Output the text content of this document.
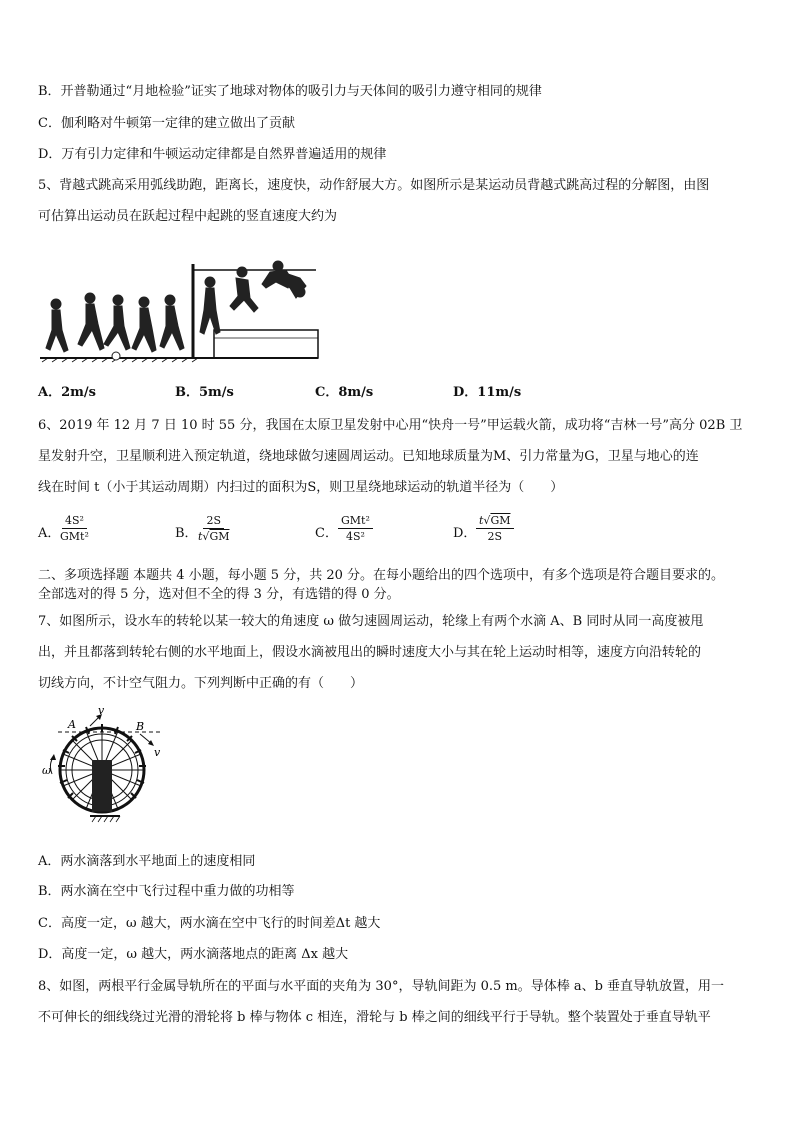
B．开普勒通过“月地检验”证实了地球对物体的吸引力与天体间的吸引力遵守相同的规律
C．伽利略对牛顿第一定律的建立做出了贡献
D．万有引力定律和牛顿运动定律都是自然界普遍适用的规律
5、背越式跳高采用弧线助跑，距离长，速度快，动作舒展大方。如图所示是某运动员背越式跳高过程的分解图，由图
可估算出运动员在跃起过程中起跳的竖直速度大约为
A．2m/s	B．5m/s	C．8m/s	D．11m/s
6、2019 年 12 月 7 日 10 时 55 分，我国在太原卫星发射中心用“快舟一号”甲运载火箭，成功将“吉林一号”高分 02B 卫
星发射升空，卫星顺利进入预定轨道，绕地球做匀速圆周运动。已知地球质量为M、引力常量为G，卫星与地心的连
线在时间 t（小于其运动周期）内扫过的面积为S，则卫星绕地球运动的轨道半径为（　　）
A．
4S²
GMt²	B． $\frac{2S}{t√GM}$	C．
GMt²
4S²	D． $\frac{t√GM}{2S}$
二、多项选择题 本题共 4 小题，每小题 5 分，共 20 分。在每小题给出的四个选项中，有多个选项是符合题目要求的。
全部选对的得 5 分，选对但不全的得 3 分，有选错的得 0 分。
7、如图所示，设水车的转轮以某一较大的角速度 ω 做匀速圆周运动，轮缘上有两个水滴 A、B 同时从同一高度被甩
出，并且都落到转轮右侧的水平地面上，假设水滴被甩出的瞬时速度大小与其在轮上运动时相等，速度方向沿转轮的
切线方向，不计空气阻力。下列判断中正确的有（　　）
A	B
v
v
ω
A．两水滴落到水平地面上的速度相同
B．两水滴在空中飞行过程中重力做的功相等
C．高度一定，ω 越大，两水滴在空中飞行的时间差Δt 越大
D．高度一定，ω 越大，两水滴落地点的距离 Δx 越大
8、如图，两根平行金属导轨所在的平面与水平面的夹角为 30°，导轨间距为 0.5 m。导体棒 a、b 垂直导轨放置，用一
不可伸长的细线绕过光滑的滑轮将 b 棒与物体 c 相连，滑轮与 b 棒之间的细线平行于导轨。整个装置处于垂直导轨平
